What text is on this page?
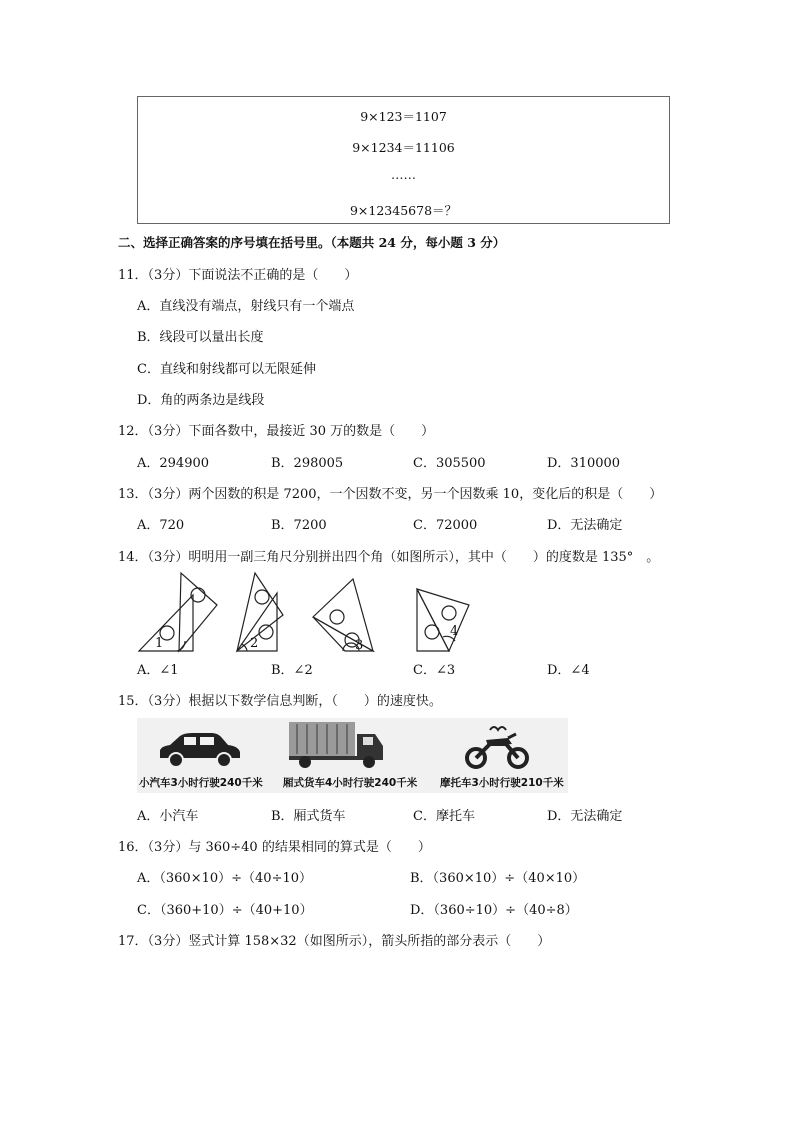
9×123＝1107
9×1234＝11106
……
9×12345678＝？
二、选择正确答案的序号填在括号里。（本题共 24 分，每小题 3 分）
11．（3分）下面说法不正确的是（　　）
A．直线没有端点，射线只有一个端点
B．线段可以量出长度
C．直线和射线都可以无限延伸
D．角的两条边是线段
12．（3分）下面各数中，最接近 30 万的数是（　　）
A．294900	B．298005	C．305500	D．310000
13．（3分）两个因数的积是 7200，一个因数不变，另一个因数乘 10，变化后的积是（　　）
A．720	B．7200	C．72000	D．无法确定
14．（3分）明明用一副三角尺分别拼出四个角（如图所示），其中（　　）的度数是 135°　。
1	2	3
4
A．∠1	B．∠2	C．∠3	D．∠4
15．（3分）根据以下数学信息判断，（　　）的速度快。
小汽车3小时行驶240千米 厢式货车4小时行驶240千米 摩托车3小时行驶210千米
A．小汽车	B．厢式货车	C．摩托车	D．无法确定
16．（3分）与 360÷40 的结果相同的算式是（　　）
A．（360×10）÷（40÷10）	B．（360×10）÷（40×10）
C．（360+10）÷（40+10）	D．（360÷10）÷（40÷8）
17．（3分）竖式计算 158×32（如图所示），箭头所指的部分表示（　　）
